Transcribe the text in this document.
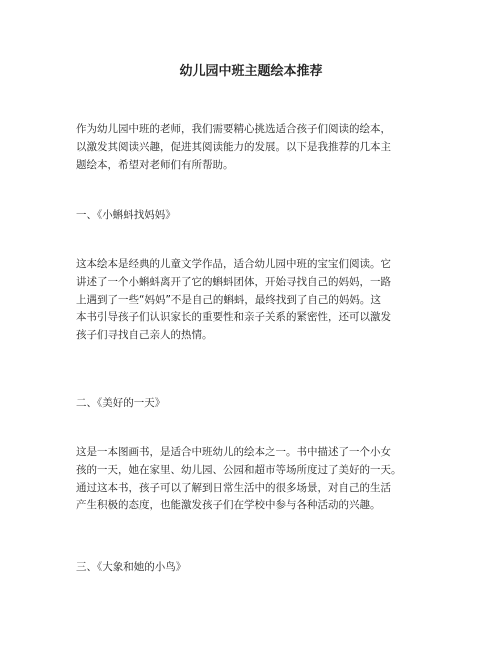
幼儿园中班主题绘本推荐
作为幼儿园中班的老师，我们需要精心挑选适合孩子们阅读的绘本，
以激发其阅读兴趣，促进其阅读能力的发展。以下是我推荐的几本主
题绘本，希望对老师们有所帮助。
一、《小蝌蚪找妈妈》
这本绘本是经典的儿童文学作品，适合幼儿园中班的宝宝们阅读。它
讲述了一个小蝌蚪离开了它的蝌蚪团体，开始寻找自己的妈妈，一路
上遇到了一些“妈妈”不是自己的蝌蚪，最终找到了自己的妈妈。这
本书引导孩子们认识家长的重要性和亲子关系的紧密性，还可以激发
孩子们寻找自己亲人的热情。
二、《美好的一天》
这是一本图画书，是适合中班幼儿的绘本之一。书中描述了一个小女
孩的一天，她在家里、幼儿园、公园和超市等场所度过了美好的一天。
通过这本书，孩子可以了解到日常生活中的很多场景，对自己的生活
产生积极的态度，也能激发孩子们在学校中参与各种活动的兴趣。
三、《大象和她的小鸟》
